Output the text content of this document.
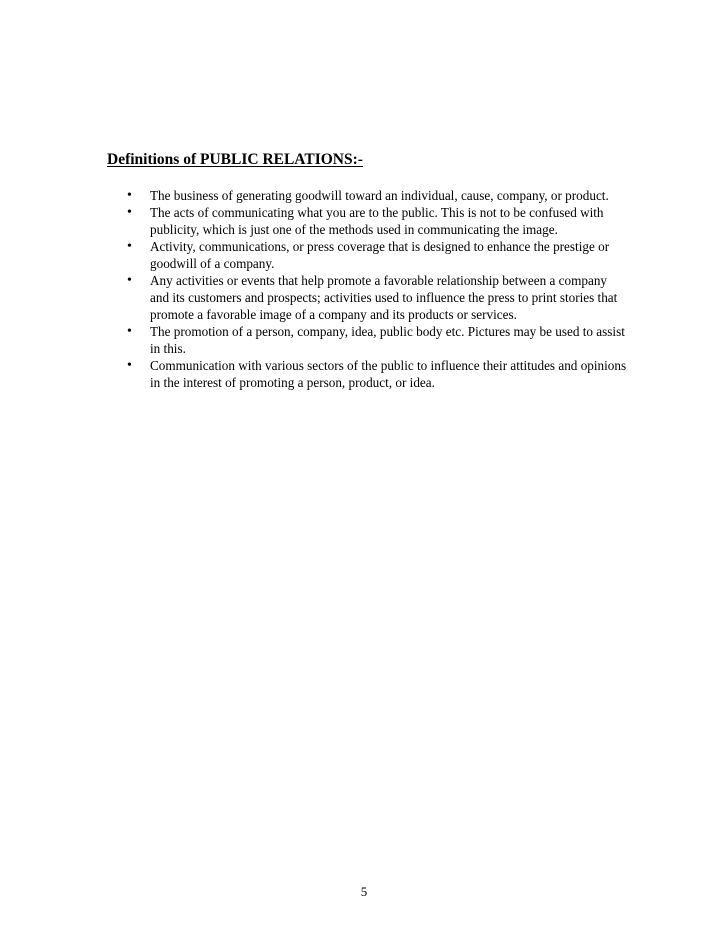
Definitions of PUBLIC RELATIONS:-
•	The business of generating goodwill toward an individual, cause, company, or product.
•	The acts of communicating what you are to the public. This is not to be confused with publicity, which is just one of the methods used in communicating the image.
•	Activity, communications, or press coverage that is designed to enhance the prestige or goodwill of a company.
•	Any activities or events that help promote a favorable relationship between a company and its customers and prospects; activities used to influence the press to print stories that promote a favorable image of a company and its products or services.
•	The promotion of a person, company, idea, public body etc. Pictures may be used to assist in this.
•	Communication with various sectors of the public to influence their attitudes and opinions in the interest of promoting a person, product, or idea.
5
